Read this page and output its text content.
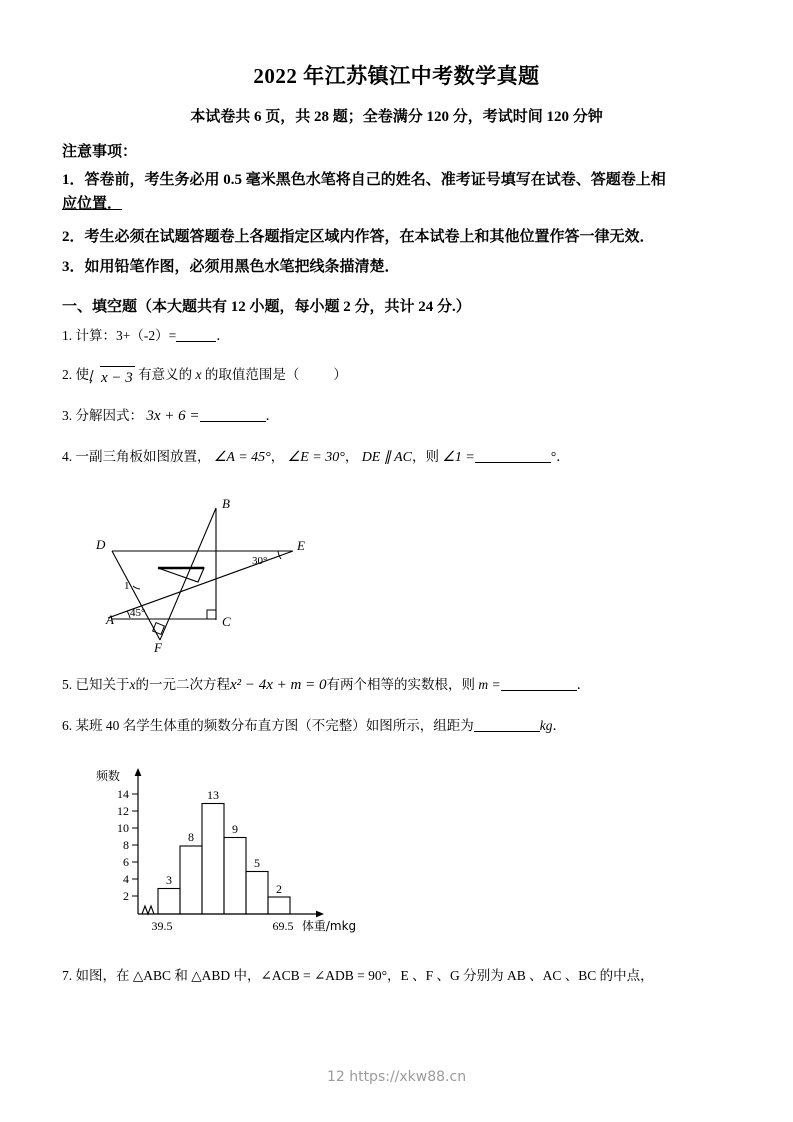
2022 年江苏镇江中考数学真题
本试卷共 6 页，共 28 题；全卷满分 120 分，考试时间 120 分钟
注意事项：
1．答卷前，考生务必用 0.5 毫米黑色水笔将自己的姓名、准考证号填写在试卷、答题卷上相
应位置．
2．考生必须在试题答题卷上各题指定区域内作答，在本试卷上和其他位置作答一律无效．
3．如用铅笔作图，必须用黑色水笔把线条描清楚．
一、填空题（本大题共有 12 小题，每小题 2 分，共计 24 分.）
1. 计算：3+（-2）=	．
2. 使 x − 3 有意义的 x 的取值范围是（	）
3. 分解因式： 3x + 6 =	．
4. 一副三角板如图放置， ∠A = 45°， ∠E = 30°， DE ∥ AC，则 ∠1 =	°．
A
B
C
D	E
F
45°
30°
1
5. 已知关于x的一元二次方程x² − 4x + m = 0有两个相等的实数根，则 m =	．
6. 某班 40 名学生体重的频数分布直方图（不完整）如图所示，组距为	kg．
14
12
10
8
6
4
2
3
8
13
9
5
2
39.5	69.5
频数
体重/mkg
7. 如图，在 △ABC 和 △ABD 中，∠ACB = ∠ADB = 90°，E 、F 、G 分别为 AB 、AC 、BC 的中点，
12 https://xkw88.cn
